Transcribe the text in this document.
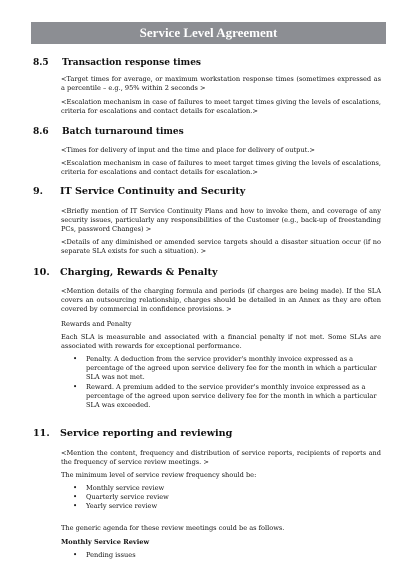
Service Level Agreement
8.5 Transaction response times

<Target times for average, or maximum workstation response times (sometimes expressed as a percentile – e.g., 95% within 2 seconds >

<Escalation mechanism in case of failures to meet target times giving the levels of escalations, criteria for escalations and contact details for escalation.>

8.6 Batch turnaround times

<Times for delivery of input and the time and place for delivery of output.>

<Escalation mechanism in case of failures to meet target times giving the levels of escalations, criteria for escalations and contact details for escalation.>

9. IT Service Continuity and Security

<Briefly mention of IT Service Continuity Plans and how to invoke them, and coverage of any security issues, particularly any responsibilities of the Customer (e.g., back-up of freestanding PCs, password Changes) >

<Details of any diminished or amended service targets should a disaster situation occur (if no separate SLA exists for such a situation). >

10. Charging, Rewards & Penalty

<Mention details of the charging formula and periods (if charges are being made). If the SLA covers an outsourcing relationship, charges should be detailed in an Annex as they are often covered by commercial in confidence provisions. >

Rewards and Penalty

Each SLA is measurable and associated with a financial penalty if not met. Some SLAs are associated with rewards for exceptional performance.

• Penalty. A deduction from the service provider's monthly invoice expressed as a percentage of the agreed upon service delivery fee for the month in which a particular SLA was not met.
• Reward. A premium added to the service provider's monthly invoice expressed as a percentage of the agreed upon service delivery fee for the month in which a particular SLA was exceeded.
11. Service reporting and reviewing

<Mention the content, frequency and distribution of service reports, recipients of reports and the frequency of service review meetings. >

The minimum level of service review frequency should be:

• Monthly service review
• Quarterly service review
• Yearly service review

The generic agenda for these review meetings could be as follows.

Monthly Service Review

• Pending issues
